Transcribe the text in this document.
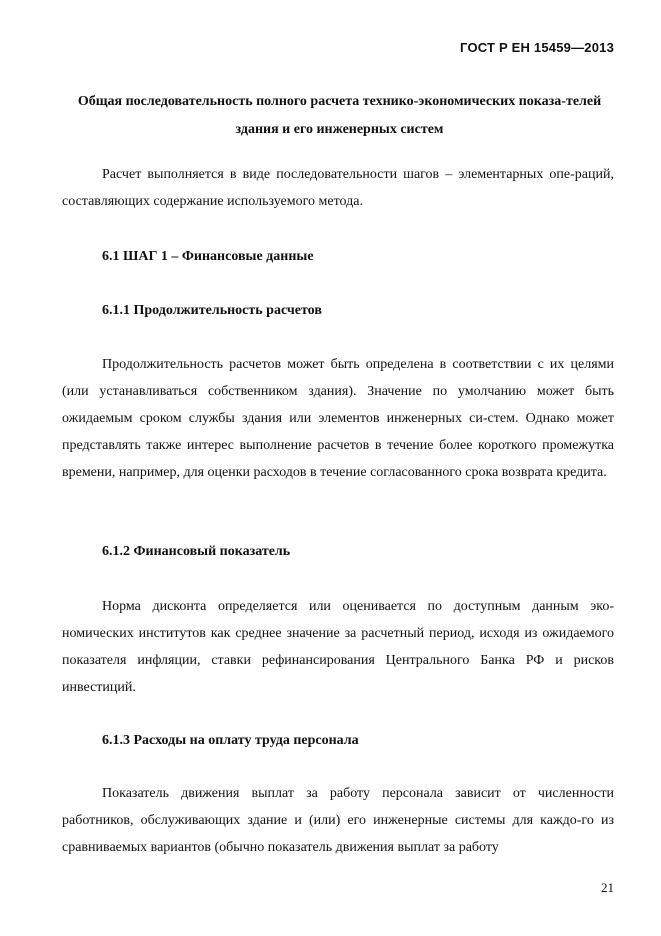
ГОСТ Р ЕН 15459—2013
Общая последовательность полного расчета технико-экономических показа-телей здания и его инженерных систем

Расчет выполняется в виде последовательности шагов – элементарных опе-раций, составляющих содержание используемого метода.

6.1 ШАГ 1 – Финансовые данные

6.1.1 Продолжительность расчетов

Продолжительность расчетов может быть определена в соответствии с их целями (или устанавливаться собственником здания). Значение по умолчанию может быть ожидаемым сроком службы здания или элементов инженерных си-стем. Однако может представлять также интерес выполнение расчетов в течение более короткого промежутка времени, например, для оценки расходов в течение согласованного срока возврата кредита.

6.1.2 Финансовый показатель

Норма дисконта определяется или оценивается по доступным данным эко-номических институтов как среднее значение за расчетный период, исходя из ожидаемого показателя инфляции, ставки рефинансирования Центрального Банка РФ и рисков инвестиций.

6.1.3 Расходы на оплату труда персонала

Показатель движения выплат за работу персонала зависит от численности работников, обслуживающих здание и (или) его инженерные системы для каждо-го из сравниваемых вариантов (обычно показатель движения выплат за работу

21
